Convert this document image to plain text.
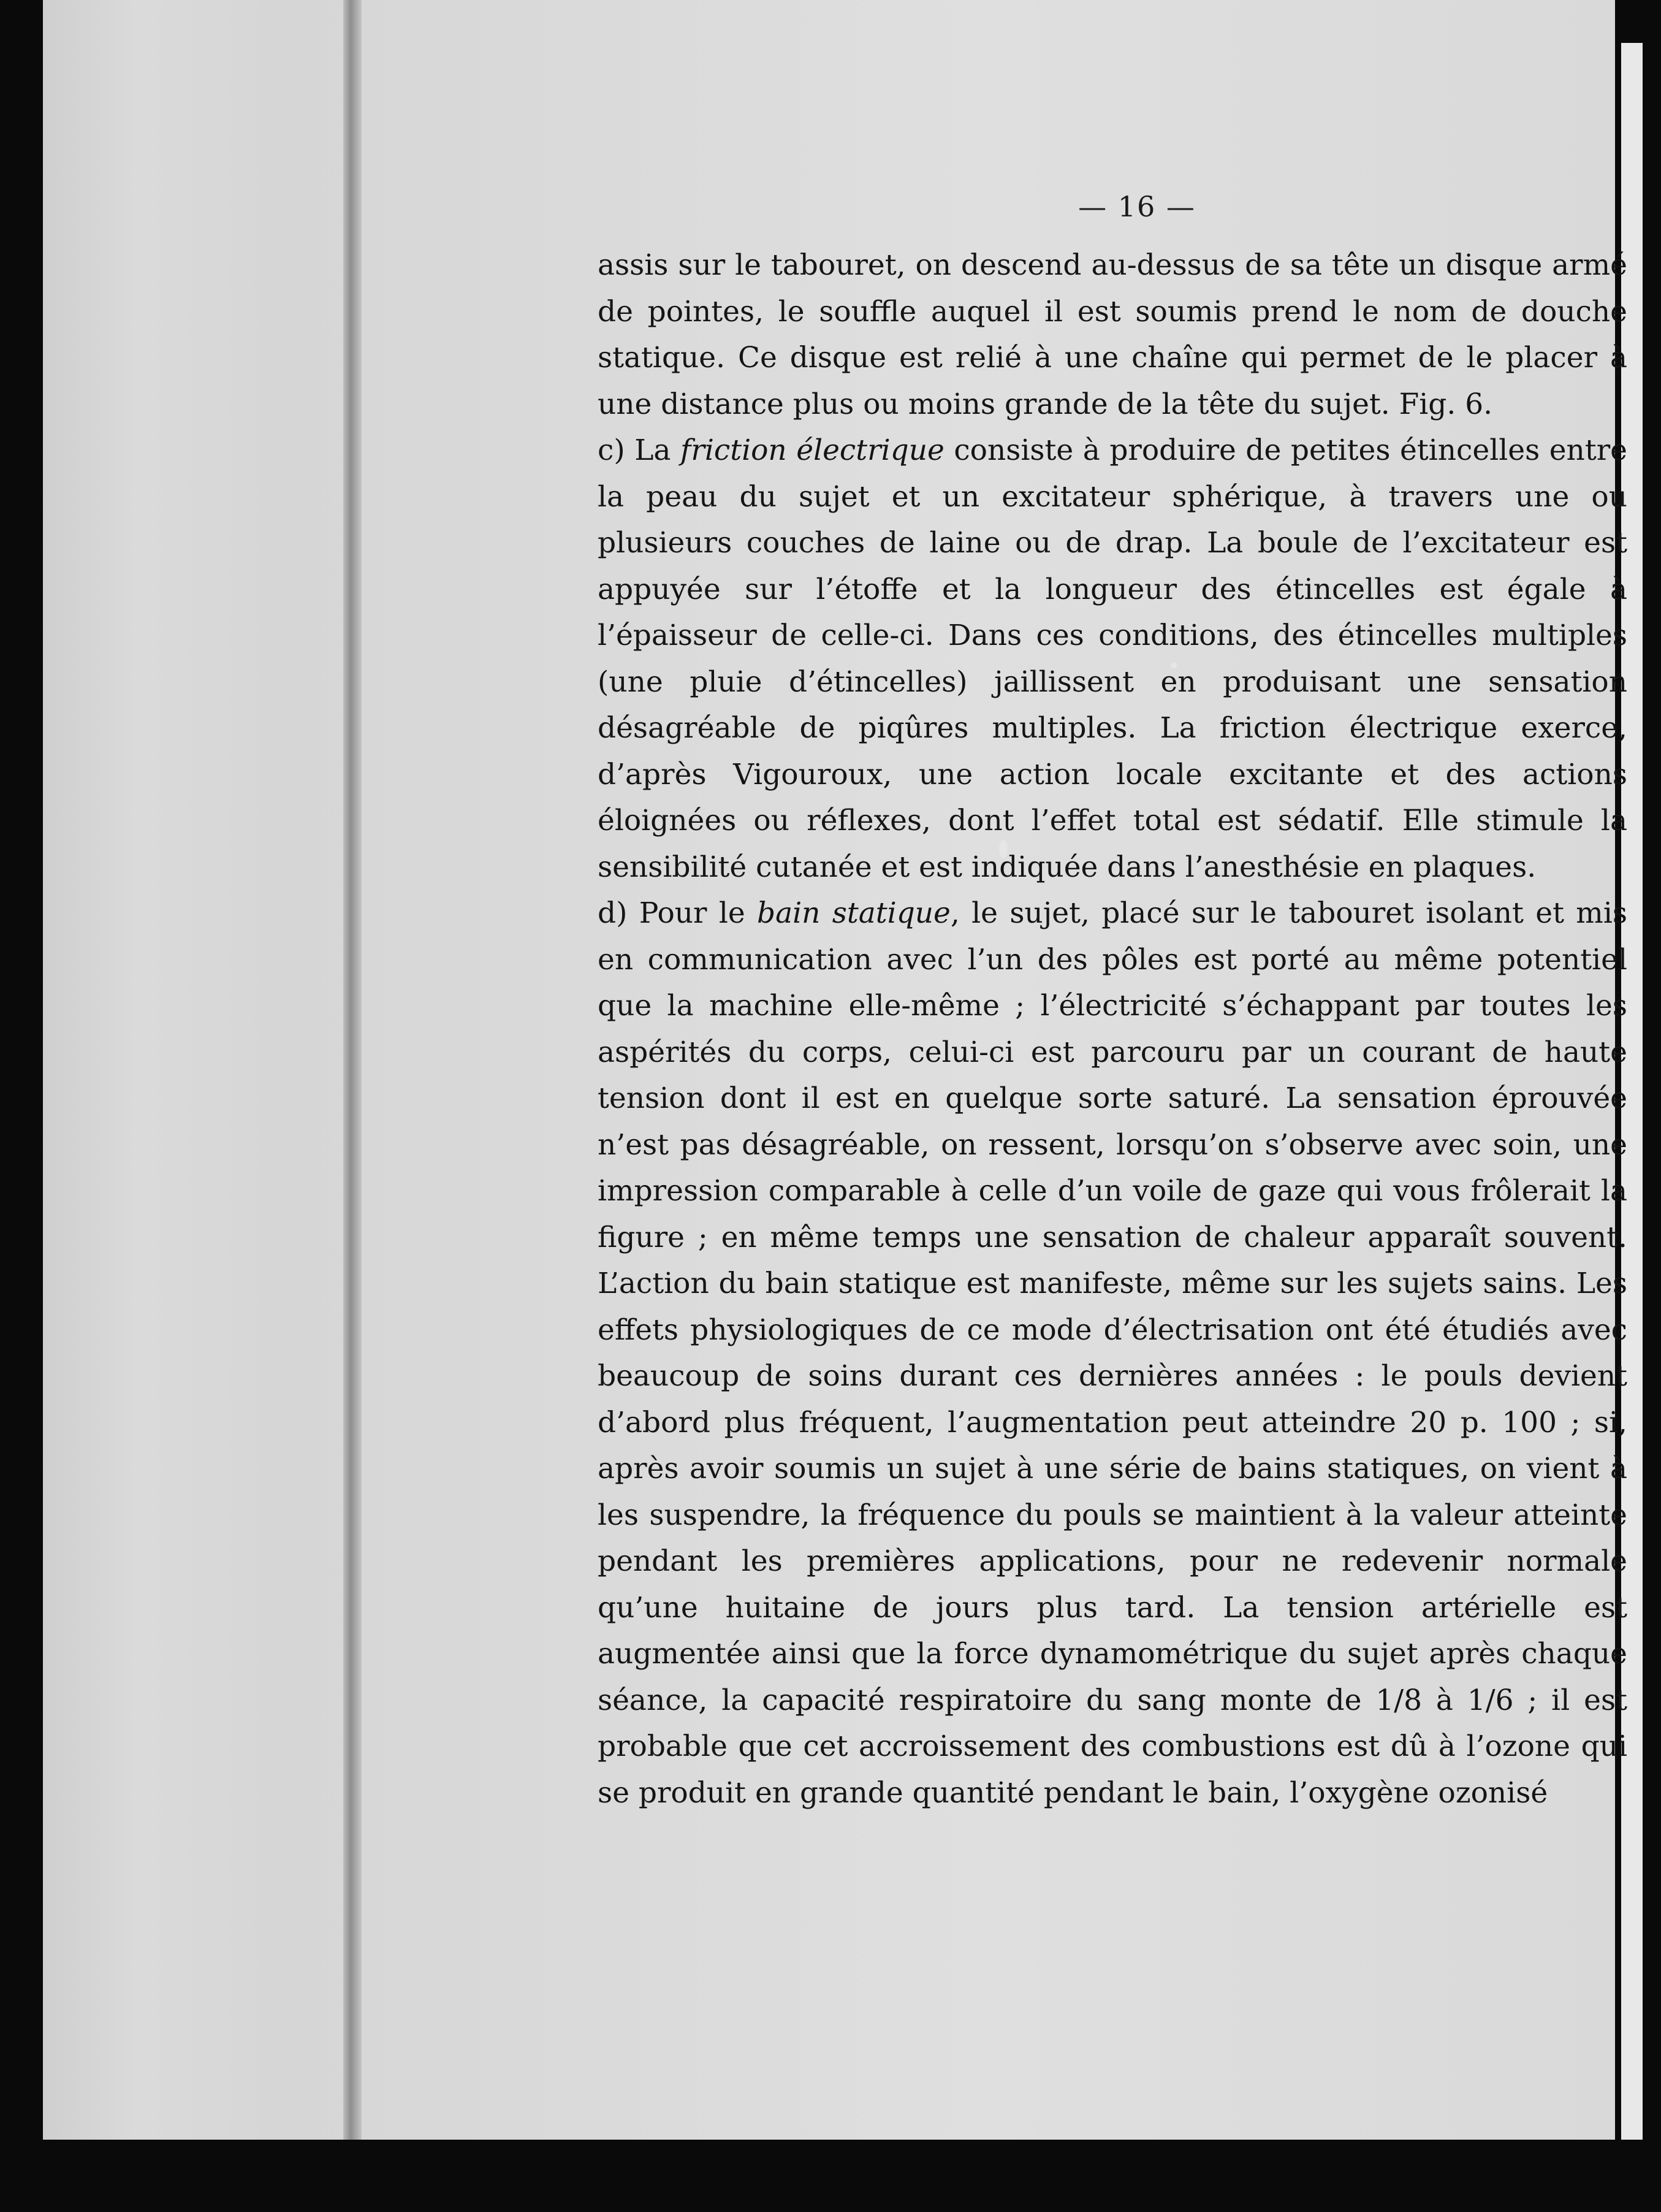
— 16 —

assis sur le tabouret, on descend au-dessus de sa tête un disque armé de pointes, le souffle auquel il est soumis prend le nom de douche statique. Ce disque est relié à une chaîne qui permet de le placer à une distance plus ou moins grande de la tête du sujet. Fig. 6.

c) La friction électrique consiste à produire de petites étincelles entre la peau du sujet et un excitateur sphérique, à travers une ou plusieurs couches de laine ou de drap. La boule de l’excitateur est appuyée sur l’étoffe et la longueur des étincelles est égale à l’épaisseur de celle-ci. Dans ces conditions, des étincelles multiples (une pluie d’étincelles) jaillissent en produisant une sensation désagréable de piqûres multiples. La friction électrique exerce, d’après Vigouroux, une action locale excitante et des actions éloignées ou réflexes, dont l’effet total est sédatif. Elle stimule la sensibilité cutanée et est indiquée dans l’anesthésie en plaques.

d) Pour le bain statique, le sujet, placé sur le tabouret isolant et mis en communication avec l’un des pôles est porté au même potentiel que la machine elle-même ; l’électricité s’échappant par toutes les aspérités du corps, celui-ci est parcouru par un courant de haute tension dont il est en quelque sorte saturé. La sensation éprouvée n’est pas désagréable, on ressent, lorsqu’on s’observe avec soin, une impression comparable à celle d’un voile de gaze qui vous frôlerait la figure ; en même temps une sensation de chaleur apparaît souvent. L’action du bain statique est manifeste, même sur les sujets sains. Les effets physiologiques de ce mode d’électrisation ont été étudiés avec beaucoup de soins durant ces dernières années : le pouls devient d’abord plus fréquent, l’augmentation peut atteindre 20 p. 100 ; si, après avoir soumis un sujet à une série de bains statiques, on vient à les suspendre, la fréquence du pouls se maintient à la valeur atteinte pendant les premières applications, pour ne redevenir normale qu’une huitaine de jours plus tard. La tension artérielle est augmentée ainsi que la force dynamométrique du sujet après chaque séance, la capacité respiratoire du sang monte de 1/8 à 1/6 ; il est probable que cet accroissement des combustions est dû à l’ozone qui se produit en grande quantité pendant le bain, l’oxygène ozonisé
